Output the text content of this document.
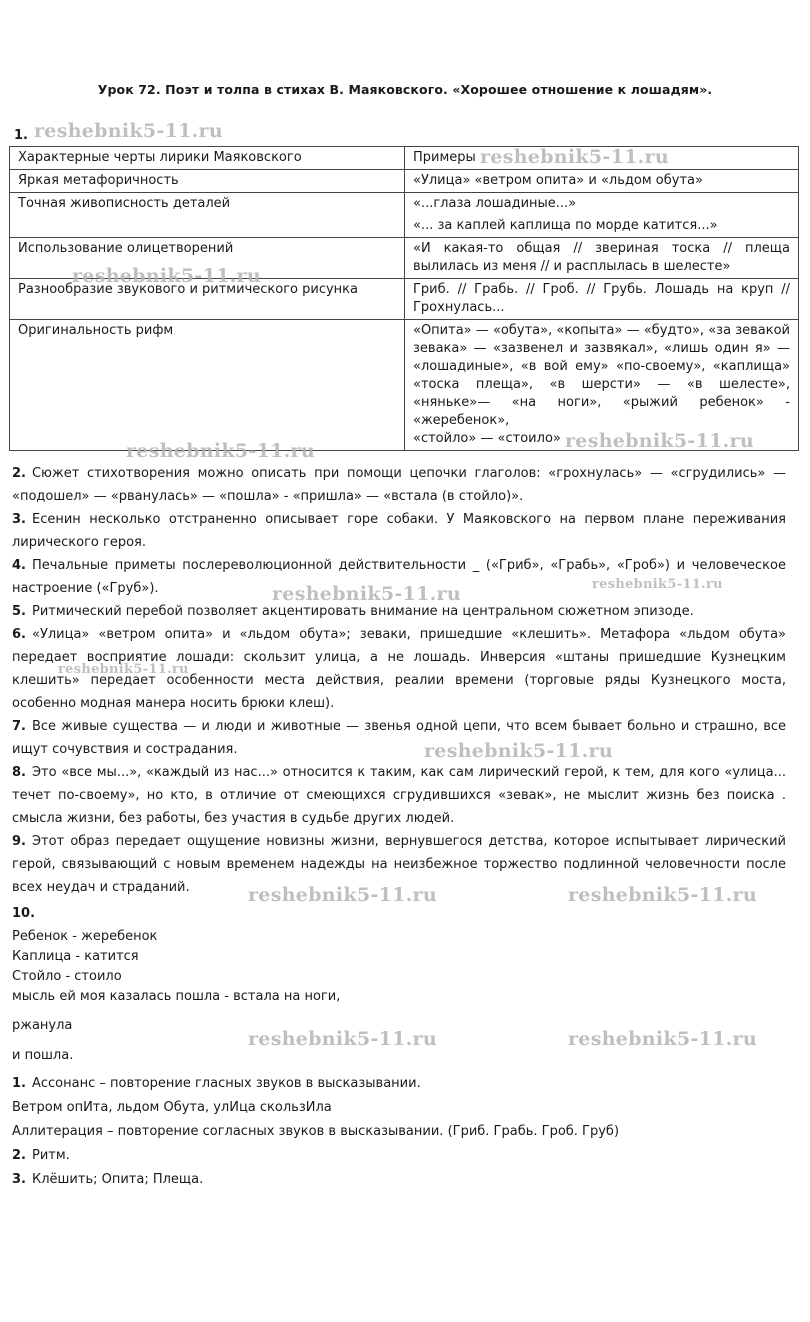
Урок 72. Поэт и толпа в стихах В. Маяковского. «Хорошее отношение к лошадям».
1.
Характерные черты лирики Маяковского	Примеры
Яркая метафоричность	«Улица» «ветром опита» и «льдом обута»

Точная живописность деталей	«...глаза лошадиные...»
«... за каплей каплища по морде катится...»

Использование олицетворений	«И какая-то общая // звериная тоска // плеща вылилась из меня // и расплылась в шелесте»

Разнообразие звукового и ритмического рисунка	Гриб. // Грабь. // Гроб. // Грубь. Лошадь на круп // Грохнулась...

Оригинальность рифм	«Опита» — «обута», «копыта» — «будто», «за зевакой зевака» — «зазвенел и зазвякал», «лишь один я» — «лошадиные», «в вой ему» «по-своему», «каплища» «тоска плеща», «в шерсти» — «в шелесте», «няньке»— «на ноги», «рыжий ребенок» - «жеребенок»,
«стойло» — «стоило»

2. Сюжет стихотворения можно описать при помощи цепочки глаголов: «грохнулась» — «сгрудились» — «подошел» — «рванулась» — «пошла» - «пришла» — «встала (в стойло)».

3. Есенин несколько отстраненно описывает горе собаки. У Маяковского на первом плане переживания лирического героя.

4. Печальные приметы послереволюционной действительности _ («Гриб», «Грабь», «Гроб») и человеческое настроение («Груб»).

5. Ритмический перебой позволяет акцентировать внимание на центральном сюжетном эпизоде.

6. «Улица» «ветром опита» и «льдом обута»; зеваки, пришедшие «клешить». Метафора «льдом обута» передает восприятие лошади: скользит улица, а не лошадь. Инверсия «штаны пришедшие Кузнецким клешить» передает особенности места действия, реалии времени (торговые ряды Кузнецкого моста, особенно модная манера носить брюки клеш).

7. Все живые существа — и люди и животные — звенья одной цепи, что всем бывает больно и страшно, все ищут сочувствия и сострадания.

8. Это «все мы...», «каждый из нас...» относится к таким, как сам лирический герой, к тем, для кого «улица... течет по-своему», но кто, в отличие от смеющихся сгрудившихся «зевак», не мыслит жизнь без поиска . смысла жизни, без работы, без участия в судьбе других людей.

9. Этот образ передает ощущение новизны жизни, вернувшегося детства, которое испытывает лирический герой, связывающий с новым временем надежды на неизбежное торжество подлинной человечности после всех неудач и страданий.

10.
Ребенок - жеребенок
Каплица - катится
Стойло - стоило
мысль ей моя казалась пошла - встала на ноги,
ржанула
и пошла.
1. Ассонанс – повторение гласных звуков в высказывании.
Ветром опИта, льдом Обута, улИца скользИла
Аллитерация – повторение согласных звуков в высказывании. (Гриб. Грабь. Гроб. Груб)
2. Ритм.
3. Клёшить; Опита; Плеща.
reshebnik5-11.ru
reshebnik5-11.ru
reshebnik5-11.ru
reshebnik5-11.ru
reshebnik5-11.ru
reshebnik5-11.ru	reshebnik5-11.ru
reshebnik5-11.ru
reshebnik5-11.ru
reshebnik5-11.ru	reshebnik5-11.ru
reshebnik5-11.ru	reshebnik5-11.ru
